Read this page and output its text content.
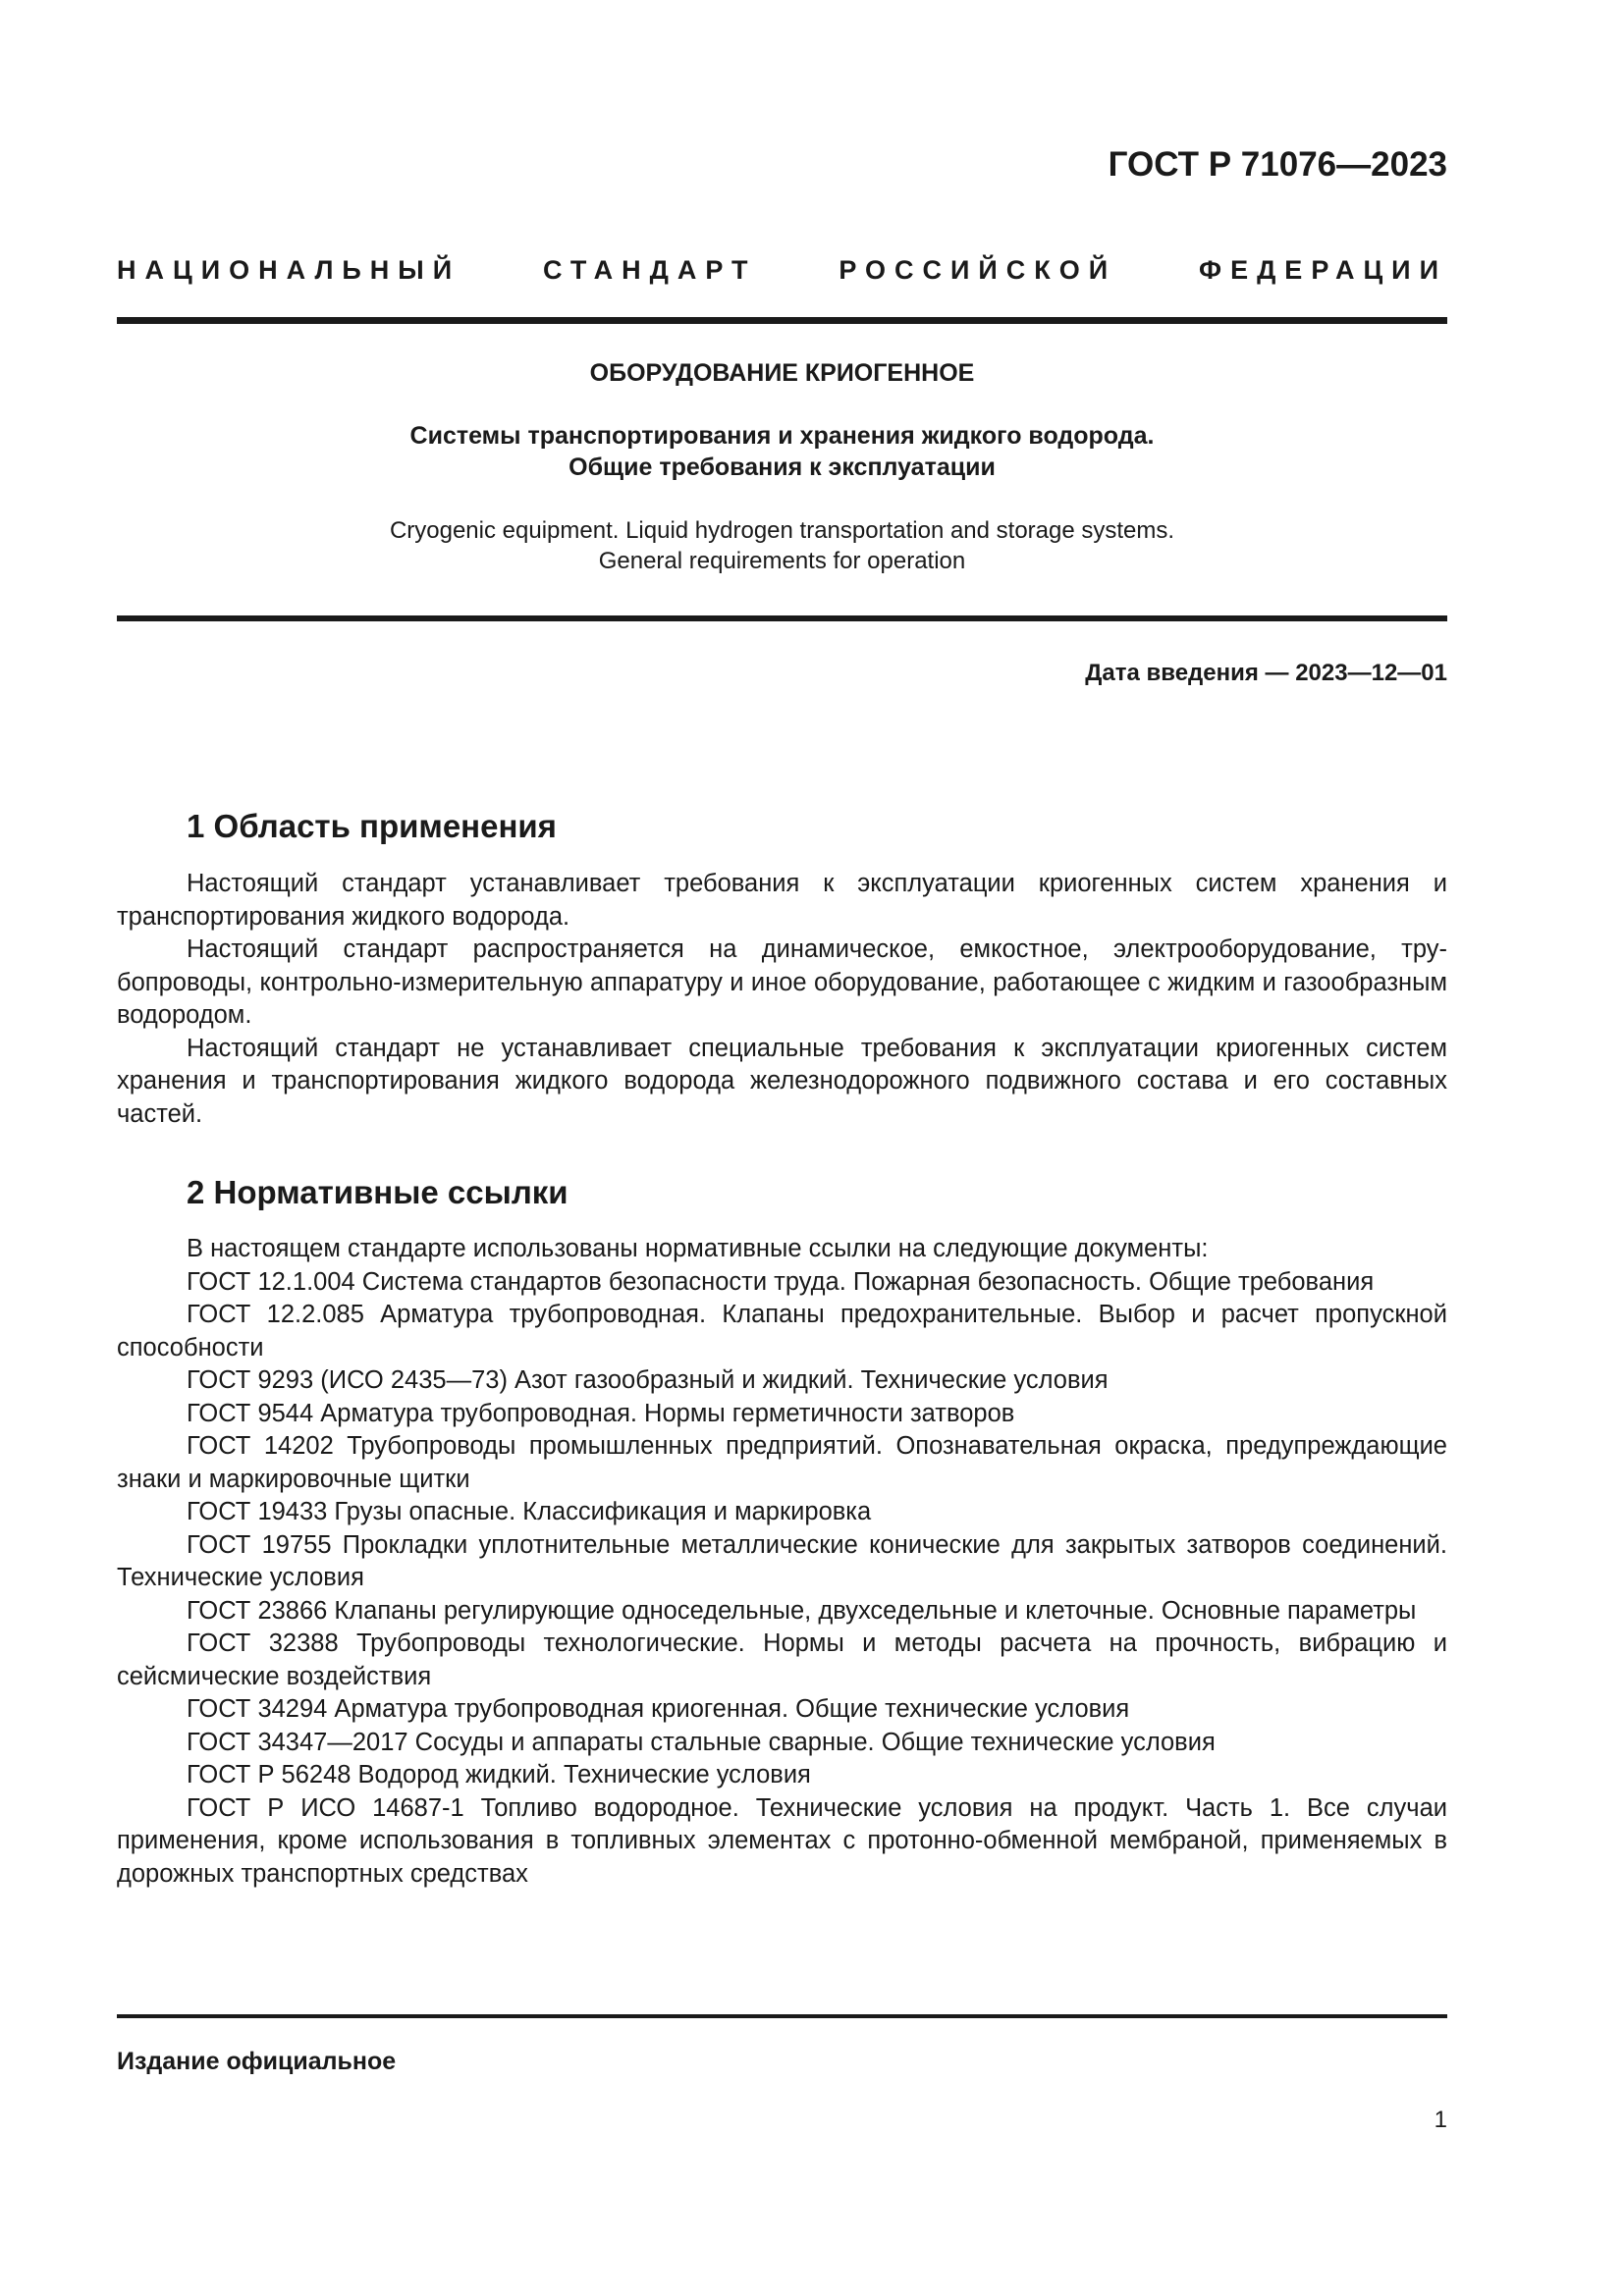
ГОСТ Р 71076—2023
НАЦИОНАЛЬНЫЙ СТАНДАРТ РОССИЙСКОЙ ФЕДЕРАЦИИ
ОБОРУДОВАНИЕ КРИОГЕННОЕ
Системы транспортирования и хранения жидкого водорода.
Общие требования к эксплуатации
Cryogenic equipment. Liquid hydrogen transportation and storage systems.
General requirements for operation
Дата введения — 2023—12—01
1 Область применения

Настоящий стандарт устанавливает требования к эксплуатации криогенных систем хранения и транспортирования жидкого водорода.

Настоящий стандарт распространяется на динамическое, емкостное, электрооборудование, трубопроводы, контрольно-измерительную аппаратуру и иное оборудование, работающее с жидким и газообразным водородом.

Настоящий стандарт не устанавливает специальные требования к эксплуатации криогенных систем хранения и транспортирования жидкого водорода железнодорожного подвижного состава и его составных частей.

2 Нормативные ссылки

В настоящем стандарте использованы нормативные ссылки на следующие документы:

ГОСТ 12.1.004 Система стандартов безопасности труда. Пожарная безопасность. Общие требования

ГОСТ 12.2.085 Арматура трубопроводная. Клапаны предохранительные. Выбор и расчет пропускной способности

ГОСТ 9293 (ИСО 2435—73) Азот газообразный и жидкий. Технические условия

ГОСТ 9544 Арматура трубопроводная. Нормы герметичности затворов

ГОСТ 14202 Трубопроводы промышленных предприятий. Опознавательная окраска, предупреждающие знаки и маркировочные щитки

ГОСТ 19433 Грузы опасные. Классификация и маркировка

ГОСТ 19755 Прокладки уплотнительные металлические конические для закрытых затворов соединений. Технические условия

ГОСТ 23866 Клапаны регулирующие односедельные, двухседельные и клеточные. Основные параметры

ГОСТ 32388 Трубопроводы технологические. Нормы и методы расчета на прочность, вибрацию и сейсмические воздействия

ГОСТ 34294 Арматура трубопроводная криогенная. Общие технические условия

ГОСТ 34347—2017 Сосуды и аппараты стальные сварные. Общие технические условия

ГОСТ Р 56248 Водород жидкий. Технические условия

ГОСТ Р ИСО 14687-1 Топливо водородное. Технические условия на продукт. Часть 1. Все случаи применения, кроме использования в топливных элементах с протонно-обменной мембраной, применяемых в дорожных транспортных средствах

Издание официальное
1
